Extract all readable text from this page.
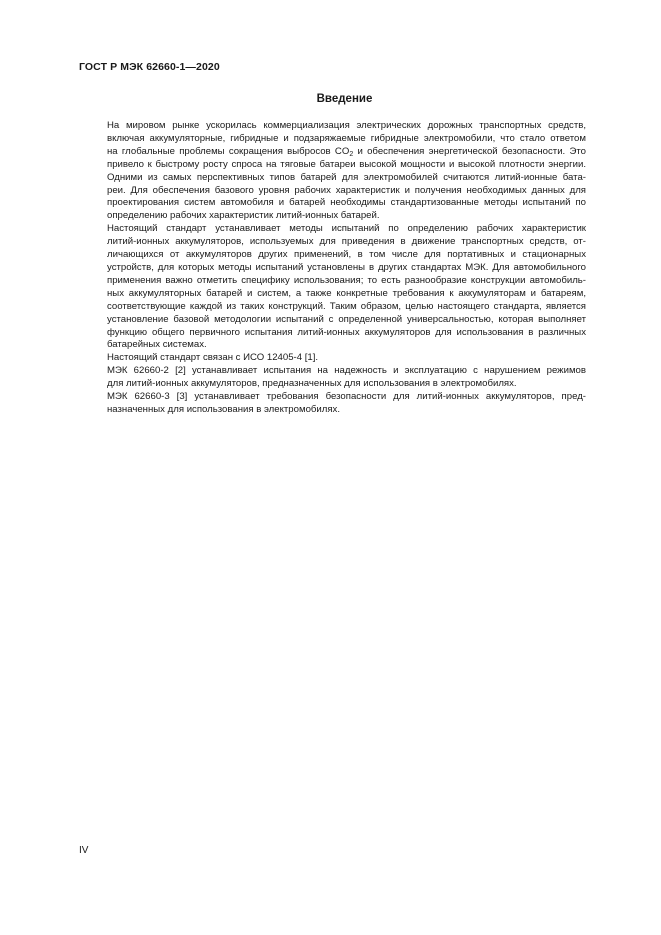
ГОСТ Р МЭК 62660-1—2020
Введение

На мировом рынке ускорилась коммерциализация электрических дорожных транспортных средств,
включая аккумуляторные, гибридные и подзаряжаемые гибридные электромобили, что стало ответом
на глобальные проблемы сокращения выбросов $CO_2$ и обеспечения энергетической безопасности. Это
привело к быстрому росту спроса на тяговые батареи высокой мощности и высокой плотности энергии.
Одними из самых перспективных типов батарей для электромобилей считаются литий-ионные бата-
реи. Для обеспечения базового уровня рабочих характеристик и получения необходимых данных для
проектирования систем автомобиля и батарей необходимы стандартизованные методы испытаний по
определению рабочих характеристик литий-ионных батарей.

Настоящий стандарт устанавливает методы испытаний по определению рабочих характеристик
литий-ионных аккумуляторов, используемых для приведения в движение транспортных средств, от-
личающихся от аккумуляторов других применений, в том числе для портативных и стационарных
устройств, для которых методы испытаний установлены в других стандартах МЭК. Для автомобильного
применения важно отметить специфику использования; то есть разнообразие конструкции автомобиль-
ных аккумуляторных батарей и систем, а также конкретные требования к аккумуляторам и батареям,
соответствующие каждой из таких конструкций. Таким образом, целью настоящего стандарта, является
установление базовой методологии испытаний с определенной универсальностью, которая выполняет
функцию общего первичного испытания литий-ионных аккумуляторов для использования в различных
батарейных системах.

Настоящий стандарт связан с ИСО 12405-4 [1].

МЭК 62660-2 [2] устанавливает испытания на надежность и эксплуатацию с нарушением режимов
для литий-ионных аккумуляторов, предназначенных для использования в электромобилях.

МЭК 62660-3 [3] устанавливает требования безопасности для литий-ионных аккумуляторов, пред-
назначенных для использования в электромобилях.

IV
